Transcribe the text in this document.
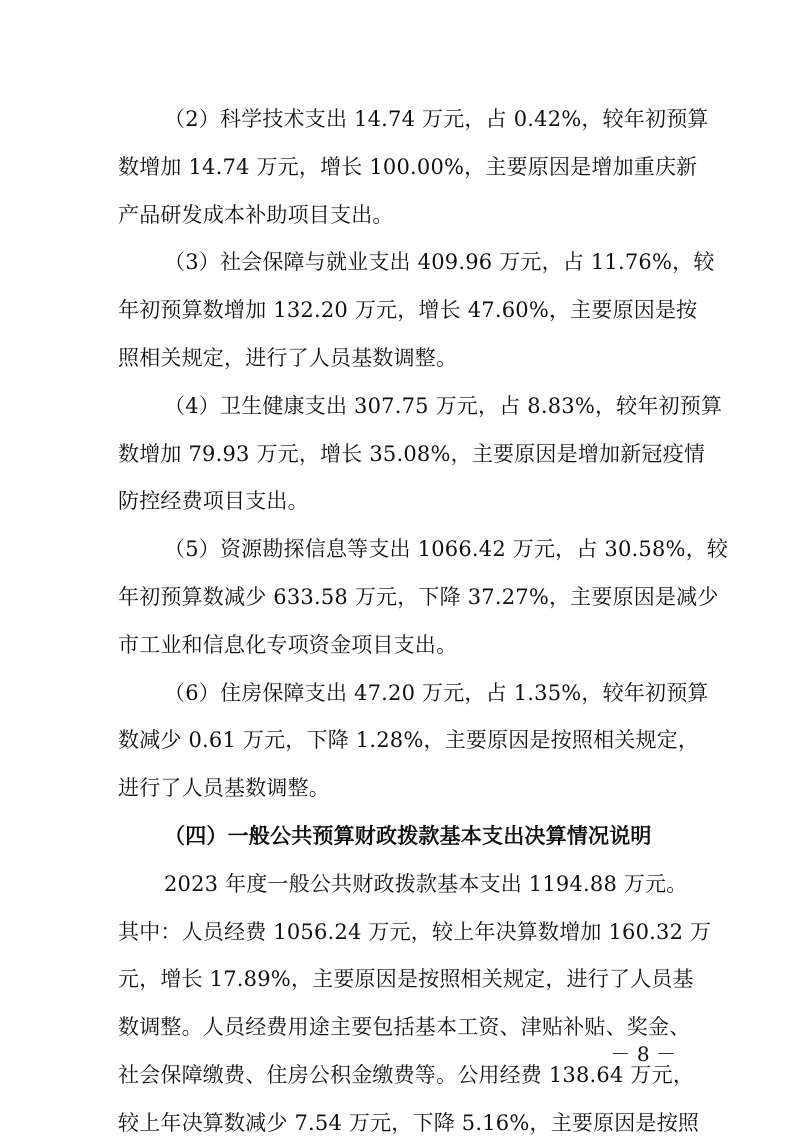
（2）科学技术支出 14.74 万元，占 0.42%，较年初预算
数增加 14.74 万元，增长 100.00%，主要原因是增加重庆新
产品研发成本补助项目支出。
（3）社会保障与就业支出 409.96 万元，占 11.76%，较
年初预算数增加 132.20 万元，增长 47.60%，主要原因是按
照相关规定，进行了人员基数调整。
（4）卫生健康支出 307.75 万元，占 8.83%，较年初预算
数增加 79.93 万元，增长 35.08%，主要原因是增加新冠疫情
防控经费项目支出。
（5）资源勘探信息等支出 1066.42 万元，占 30.58%，较
年初预算数减少 633.58 万元，下降 37.27%，主要原因是减少
市工业和信息化专项资金项目支出。
（6）住房保障支出 47.20 万元，占 1.35%，较年初预算
数减少 0.61 万元，下降 1.28%，主要原因是按照相关规定，
进行了人员基数调整。
（四）一般公共预算财政拨款基本支出决算情况说明
2023 年度一般公共财政拨款基本支出 1194.88 万元。
其中：人员经费 1056.24 万元，较上年决算数增加 160.32 万
元，增长 17.89%，主要原因是按照相关规定，进行了人员基
数调整。人员经费用途主要包括基本工资、津贴补贴、奖金、
社会保障缴费、住房公积金缴费等。公用经费 138.64 万元，
较上年决算数减少 7.54 万元，下降 5.16%，主要原因是按照
－ 8 －
